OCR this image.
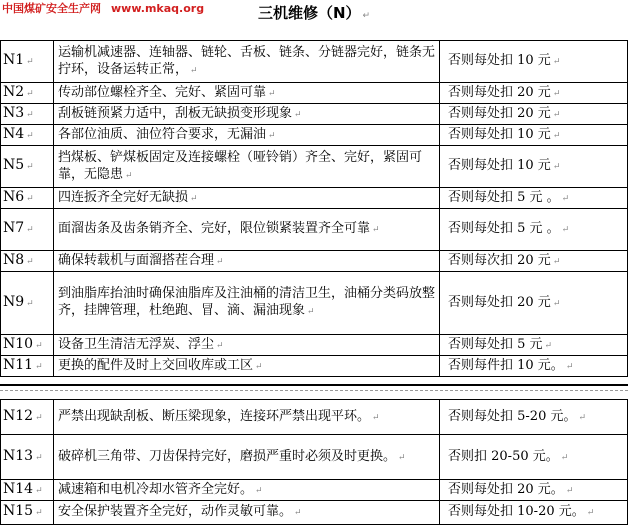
中国煤矿安全生产网 www.mkaq.org	三机维修（N） ↵
N1 ↵	运输机减速器、连轴器、链轮、舌板、链条、分链器完好，链条无拧环，设备运转正常， ↵	否则每处扣 10 元 ↵
N2 ↵	传动部位螺栓齐全、完好、紧固可靠 ↵	否则每处扣 20 元 ↵
N3 ↵	刮板链预紧力适中，刮板无缺损变形现象 ↵	否则每处扣 20 元 ↵
N4 ↵	各部位油质、油位符合要求，无漏油 ↵	否则每处扣 10 元 ↵
N5 ↵	挡煤板、铲煤板固定及连接螺栓（哑铃销）齐全、完好，紧固可靠，无隐患 ↵	否则每处扣 10 元 ↵
N6 ↵	四连扳齐全完好无缺损 ↵	否则每处扣 5 元 。 ↵
N7 ↵	面溜齿条及齿条销齐全、完好，限位锁紧装置齐全可靠 ↵	否则每处扣 5 元 。 ↵
N8 ↵	确保转载机与面溜搭茬合理 ↵	否则每次扣 20 元 ↵
N9 ↵	到油脂库抬油时确保油脂库及注油桶的清洁卫生，油桶分类码放整齐，挂牌管理，杜绝跑、冒、滴、漏油现象 ↵	否则每处扣 20 元 ↵
N10 ↵	设备卫生清洁无浮炭、浮尘 ↵	否则每处扣 5 元 ↵
N11 ↵	更换的配件及时上交回收库或工区 ↵	否则每件扣 10 元。 ↵
N12 ↵	严禁出现缺刮板、断压梁现象，连接环严禁出现平环。 ↵	否则每处扣 5-20 元。 ↵
N13 ↵	破碎机三角带、刀齿保持完好，磨损严重时必须及时更换。 ↵	否则扣 20-50 元。 ↵
N14 ↵	减速箱和电机冷却水管齐全完好。 ↵	否则每处扣 20 元。 ↵
N15 ↵	安全保护装置齐全完好，动作灵敏可靠。 ↵	否则每处扣 10-20 元。 ↵
